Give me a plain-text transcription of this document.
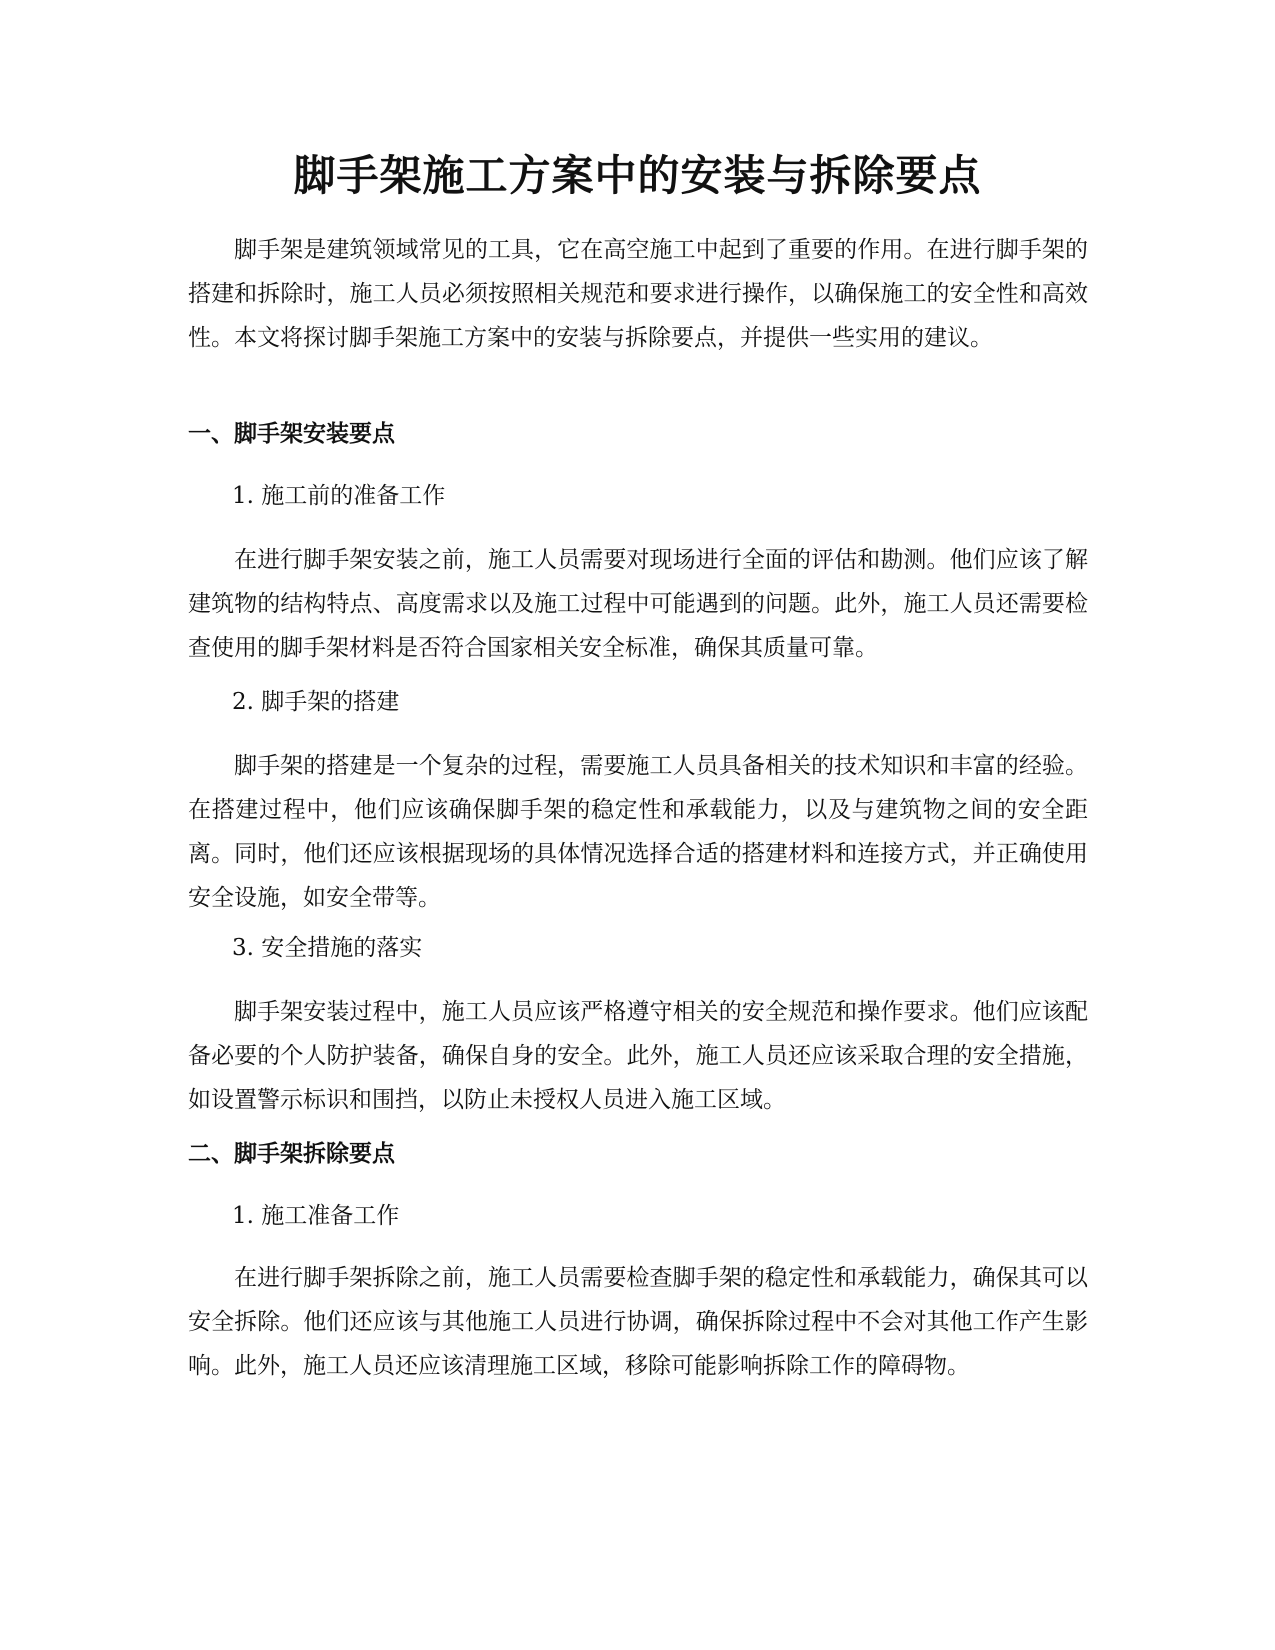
脚手架施工方案中的安装与拆除要点

脚手架是建筑领域常见的工具，它在高空施工中起到了重要的作用。在进行脚手架的搭建和拆除时，施工人员必须按照相关规范和要求进行操作，以确保施工的安全性和高效性。本文将探讨脚手架施工方案中的安装与拆除要点，并提供一些实用的建议。

一、脚手架安装要点

1. 施工前的准备工作

在进行脚手架安装之前，施工人员需要对现场进行全面的评估和勘测。他们应该了解建筑物的结构特点、高度需求以及施工过程中可能遇到的问题。此外，施工人员还需要检查使用的脚手架材料是否符合国家相关安全标准，确保其质量可靠。

2. 脚手架的搭建

脚手架的搭建是一个复杂的过程，需要施工人员具备相关的技术知识和丰富的经验。在搭建过程中，他们应该确保脚手架的稳定性和承载能力，以及与建筑物之间的安全距离。同时，他们还应该根据现场的具体情况选择合适的搭建材料和连接方式，并正确使用安全设施，如安全带等。

3. 安全措施的落实

脚手架安装过程中，施工人员应该严格遵守相关的安全规范和操作要求。他们应该配备必要的个人防护装备，确保自身的安全。此外，施工人员还应该采取合理的安全措施，如设置警示标识和围挡，以防止未授权人员进入施工区域。

二、脚手架拆除要点

1. 施工准备工作

在进行脚手架拆除之前，施工人员需要检查脚手架的稳定性和承载能力，确保其可以安全拆除。他们还应该与其他施工人员进行协调，确保拆除过程中不会对其他工作产生影响。此外，施工人员还应该清理施工区域，移除可能影响拆除工作的障碍物。
